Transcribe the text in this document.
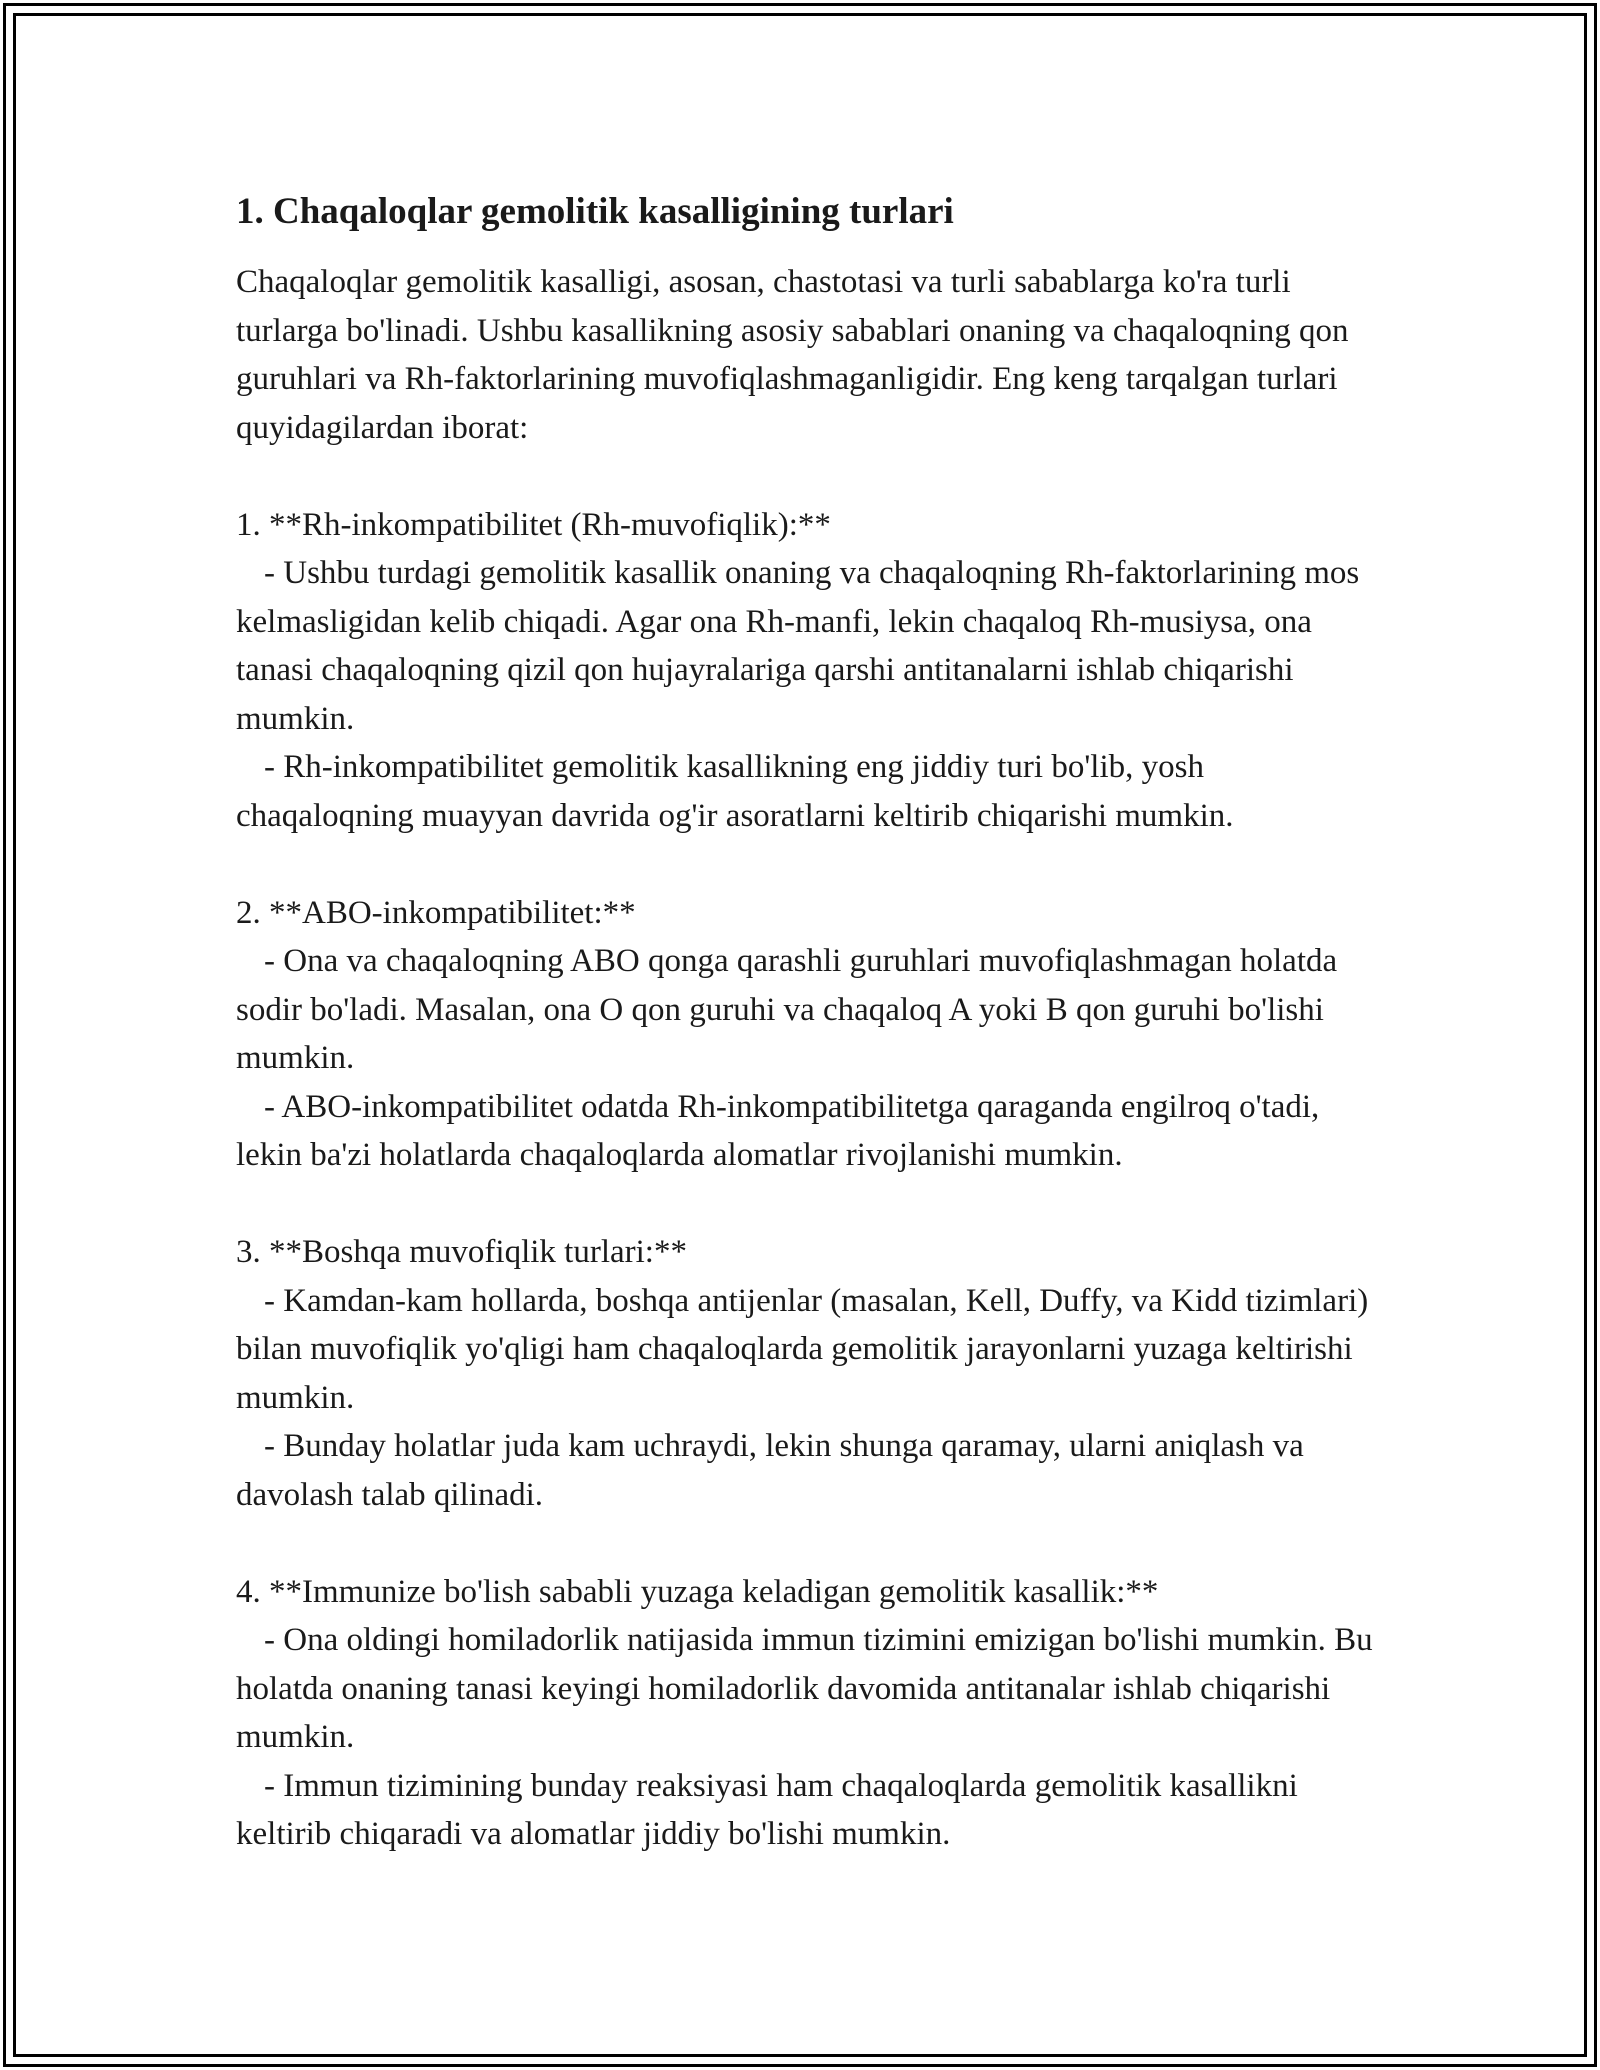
1. Chaqaloqlar gemolitik kasalligining turlari

Chaqaloqlar gemolitik kasalligi, asosan, chastotasi va turli sabablarga ko'ra turli turlarga bo'linadi. Ushbu kasallikning asosiy sabablari onaning va chaqaloqning qon guruhlari va Rh-faktorlarining muvofiqlashmaganligidir. Eng keng tarqalgan turlari quyidagilardan iborat:

1. **Rh-inkompatibilitet (Rh-muvofiqlik):**

- Ushbu turdagi gemolitik kasallik onaning va chaqaloqning Rh-faktorlarining mos kelmasligidan kelib chiqadi. Agar ona Rh-manfi, lekin chaqaloq Rh-musiysa, ona tanasi chaqaloqning qizil qon hujayralariga qarshi antitanalarni ishlab chiqarishi mumkin.

- Rh-inkompatibilitet gemolitik kasallikning eng jiddiy turi bo'lib, yosh chaqaloqning muayyan davrida og'ir asoratlarni keltirib chiqarishi mumkin.

2. **ABO-inkompatibilitet:**

- Ona va chaqaloqning ABO qonga qarashli guruhlari muvofiqlashmagan holatda sodir bo'ladi. Masalan, ona O qon guruhi va chaqaloq A yoki B qon guruhi bo'lishi mumkin.

- ABO-inkompatibilitet odatda Rh-inkompatibilitetga qaraganda engilroq o'tadi, lekin ba'zi holatlarda chaqaloqlarda alomatlar rivojlanishi mumkin.

3. **Boshqa muvofiqlik turlari:**

- Kamdan-kam hollarda, boshqa antijenlar (masalan, Kell, Duffy, va Kidd tizimlari) bilan muvofiqlik yo'qligi ham chaqaloqlarda gemolitik jarayonlarni yuzaga keltirishi mumkin.

- Bunday holatlar juda kam uchraydi, lekin shunga qaramay, ularni aniqlash va davolash talab qilinadi.

4. **Immunize bo'lish sababli yuzaga keladigan gemolitik kasallik:**

- Ona oldingi homiladorlik natijasida immun tizimini emizigan bo'lishi mumkin. Bu holatda onaning tanasi keyingi homiladorlik davomida antitanalar ishlab chiqarishi mumkin.

- Immun tizimining bunday reaksiyasi ham chaqaloqlarda gemolitik kasallikni keltirib chiqaradi va alomatlar jiddiy bo'lishi mumkin.
